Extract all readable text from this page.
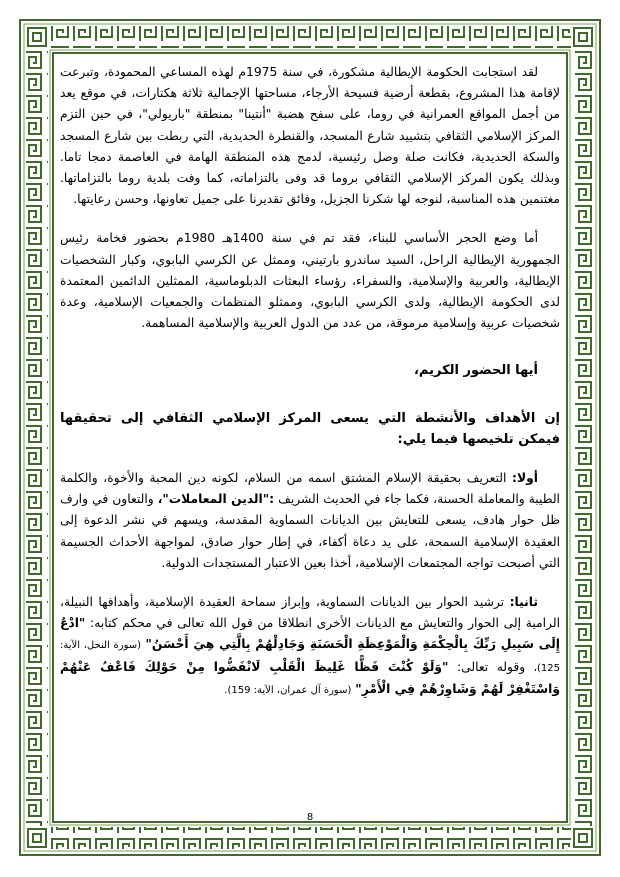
لقد استجابت الحكومة الإيطالية مشكورة، في سنة 1975م لهذه المساعي المحمودة، وتبرعت لإقامة هذا المشروع، بقطعة أرضية فسيحة الأرجاء، مساحتها الإجمالية ثلاثة هكتارات، في موقع يعد من أجمل المواقع العمرانية في روما، على سفح هضبة "أنتينا" بمنطقة "باريولي"، في حين التزم المركز الإسلامي الثقافي بتشييد شارع المسجد، والقنطرة الحديدية، التي ربطت بين شارع المسجد والسكة الحديدية، فكانت صلة وصل رئيسية، لدمج هذه المنطقة الهامة في العاصمة دمجا تاما. وبذلك يكون المركز الإسلامي الثقافي بروما قد وفى بالتزاماته، كما وفت بلدية روما بالتزاماتها. مغتنمين هذه المناسبة، لنوجه لها شكرنا الجزيل، وفائق تقديرنا على جميل تعاونها، وحسن رعايتها.

أما وضع الحجر الأساسي للبناء، فقد تم في سنة 1400هـ 1980م بحضور فخامة رئيس الجمهورية الإيطالية الراحل، السيد ساندرو بارتيني، وممثل عن الكرسي البابوي، وكبار الشخصيات الإيطالية، والعربية والإسلامية، والسفراء، رؤساء البعثات الدبلوماسية، الممثلين الدائمين المعتمدة لدى الحكومة الإيطالية، ولدى الكرسي البابوي، وممثلو المنظمات والجمعيات الإسلامية، وعدة شخصيات عربية وإسلامية مرموقة، من عدد من الدول العربية والإسلامية المساهمة.

أيها الحضور الكريم،

إن الأهداف والأنشطة التي يسعى المركز الإسلامي الثقافي إلى تحقيقها فيمكن تلخيصها فيما يلي:

أولا: التعريف بحقيقة الإسلام المشتق اسمه من السلام، لكونه دين المحبة والأخوة، والكلمة الطيبة والمعاملة الحسنة، فكما جاء في الحديث الشريف :"الدين المعاملات"، والتعاون في وارف ظل حوار هادف، يسعى للتعايش بين الديانات السماوية المقدسة، ويسهم في نشر الدعوة إلى العقيدة الإسلامية السمحة، على يد دعاة أكفاء، في إطار حوار صادق، لمواجهة الأحداث الجسيمة التي أصبحت تواجه المجتمعات الإسلامية، أخذا بعين الاعتبار المستجدات الدولية.

ثانيا: ترشيد الحوار بين الديانات السماوية، وإبراز سماحة العقيدة الإسلامية، وأهدافها النبيلة، الرامية إلى الحوار والتعايش مع الديانات الأخرى انطلاقا من قول الله تعالى في محكم كتابه: "ادْعُ إِلَى سَبِيلِ رَبِّكَ بِالْحِكْمَةِ وَالْمَوْعِظَةِ الْحَسَنَةِ وَجَادِلْهُمْ بِالَّتِي هِيَ أَحْسَنُ" (سورة النحل، الآية: 125)، وقوله تعالى: "وَلَوْ كُنْتَ فَظًّا غَلِيظَ الْقَلْبِ لَانْفَضُّوا مِنْ حَوْلِكَ فَاعْفُ عَنْهُمْ وَاسْتَغْفِرْ لَهُمْ وَشَاوِرْهُمْ فِي الْأَمْرِ" (سورة آل عمران، الآية: 159).

8
